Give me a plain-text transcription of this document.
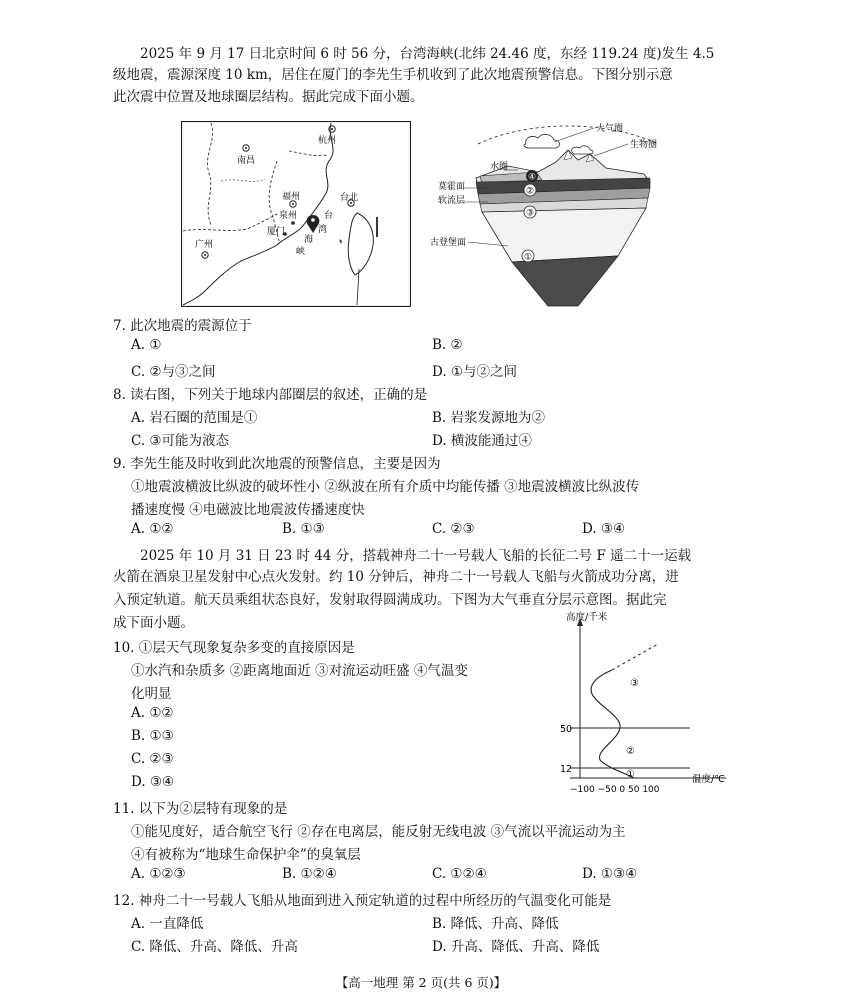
2025 年 9 月 17 日北京时间 6 时 56 分，台湾海峡(北纬 24.46 度，东经 119.24 度)发生 4.5
级地震，震源深度 10 km，居住在厦门的李先生手机收到了此次地震预警信息。下图分别示意
此次震中位置及地球圈层结构。据此完成下面小题。
杭州
南昌
福州
泉州
厦门
广州
台北
台
湾
海
峡
④
②
③
①
大气圈
生物圈
水圈
莫霍面
软流层
古登堡面
7. 此次地震的震源位于
A. ①	B. ②
C. ②与③之间	D. ①与②之间
8. 读右图，下列关于地球内部圈层的叙述，正确的是
A. 岩石圈的范围是①	B. 岩浆发源地为②
C. ③可能为液态	D. 横波能通过④
9. 李先生能及时收到此次地震的预警信息，主要是因为
①地震波横波比纵波的破坏性小 ②纵波在所有介质中均能传播 ③地震波横波比纵波传
播速度慢 ④电磁波比地震波传播速度快
A. ①②	B. ①③	C. ②③	D. ③④
2025 年 10 月 31 日 23 时 44 分，搭载神舟二十一号载人飞船的长征二号 F 遥二十一运载
火箭在酒泉卫星发射中心点火发射。约 10 分钟后，神舟二十一号载人飞船与火箭成功分离，进
入预定轨道。航天员乘组状态良好，发射取得圆满成功。下图为大气垂直分层示意图。据此完
成下面小题。
10. ①层天气现象复杂多变的直接原因是
①水汽和杂质多 ②距离地面近 ③对流运动旺盛 ④气温变
化明显
A. ①②
B. ①③
C. ②③
D. ③④
高度/千米
50
12
温度/℃
−100 −50 0 50 100
③
②
①
11. 以下为②层特有现象的是
①能见度好，适合航空飞行 ②存在电离层，能反射无线电波 ③气流以平流运动为主
④有被称为“地球生命保护伞”的臭氧层
A. ①②③	B. ①②④	C. ①②④	D. ①③④
12. 神舟二十一号载人飞船从地面到进入预定轨道的过程中所经历的气温变化可能是
A. 一直降低	B. 降低、升高、降低
C. 降低、升高、降低、升高	D. 升高、降低、升高、降低
【高一地理 第 2 页(共 6 页)】
